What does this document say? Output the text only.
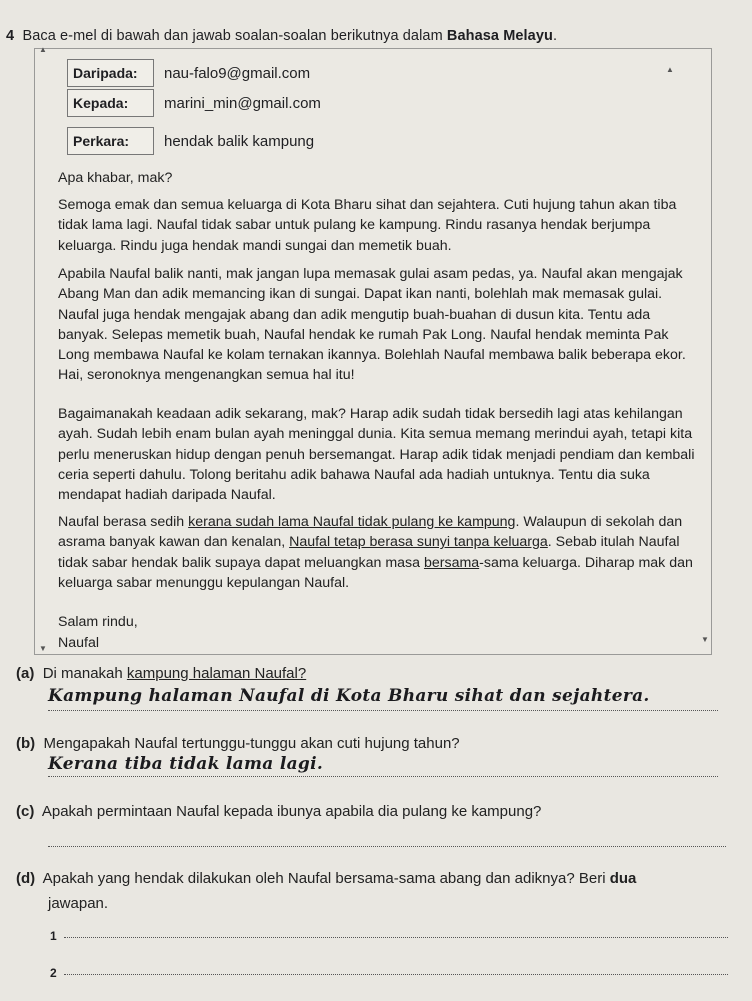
4 Baca e-mel di bawah dan jawab soalan-soalan berikutnya dalam Bahasa Melayu.
▲
▲
Daripada:	nau-falo9@gmail.com
Kepada:	marini_min@gmail.com
Perkara:	hendak balik kampung
▼
▼
Apa khabar, mak?

Semoga emak dan semua keluarga di Kota Bharu sihat dan sejahtera. Cuti hujung tahun akan tiba tidak lama lagi. Naufal tidak sabar untuk pulang ke kampung. Rindu rasanya hendak berjumpa keluarga. Rindu juga hendak mandi sungai dan memetik buah.

Apabila Naufal balik nanti, mak jangan lupa memasak gulai asam pedas, ya. Naufal akan mengajak Abang Man dan adik memancing ikan di sungai. Dapat ikan nanti, bolehlah mak memasak gulai. Naufal juga hendak mengajak abang dan adik mengutip buah-buahan di dusun kita. Tentu ada banyak. Selepas memetik buah, Naufal hendak ke rumah Pak Long. Naufal hendak meminta Pak Long membawa Naufal ke kolam ternakan ikannya. Bolehlah Naufal membawa balik beberapa ekor. Hai, seronoknya mengenangkan semua hal itu!

Bagaimanakah keadaan adik sekarang, mak? Harap adik sudah tidak bersedih lagi atas kehilangan ayah. Sudah lebih enam bulan ayah meninggal dunia. Kita semua memang merindui ayah, tetapi kita perlu meneruskan hidup dengan penuh bersemangat. Harap adik tidak menjadi pendiam dan kembali ceria seperti dahulu. Tolong beritahu adik bahawa Naufal ada hadiah untuknya. Tentu dia suka mendapat hadiah daripada Naufal.

Naufal berasa sedih kerana sudah lama Naufal tidak pulang ke kampung. Walaupun di sekolah dan asrama banyak kawan dan kenalan, Naufal tetap berasa sunyi tanpa keluarga. Sebab itulah Naufal tidak sabar hendak balik supaya dapat meluangkan masa bersama-sama keluarga. Diharap mak dan keluarga sabar menunggu kepulangan Naufal.

Salam rindu,
Naufal
(a) Di manakah kampung halaman Naufal?
Kampung halaman Naufal di Kota Bharu sihat dan sejahtera.
(b) Mengapakah Naufal tertunggu-tunggu akan cuti hujung tahun?
Kerana tiba tidak lama lagi.
(c) Apakah permintaan Naufal kepada ibunya apabila dia pulang ke kampung?
(d) Apakah yang hendak dilakukan oleh Naufal bersama-sama abang dan adiknya? Beri dua
jawapan.
1
2
